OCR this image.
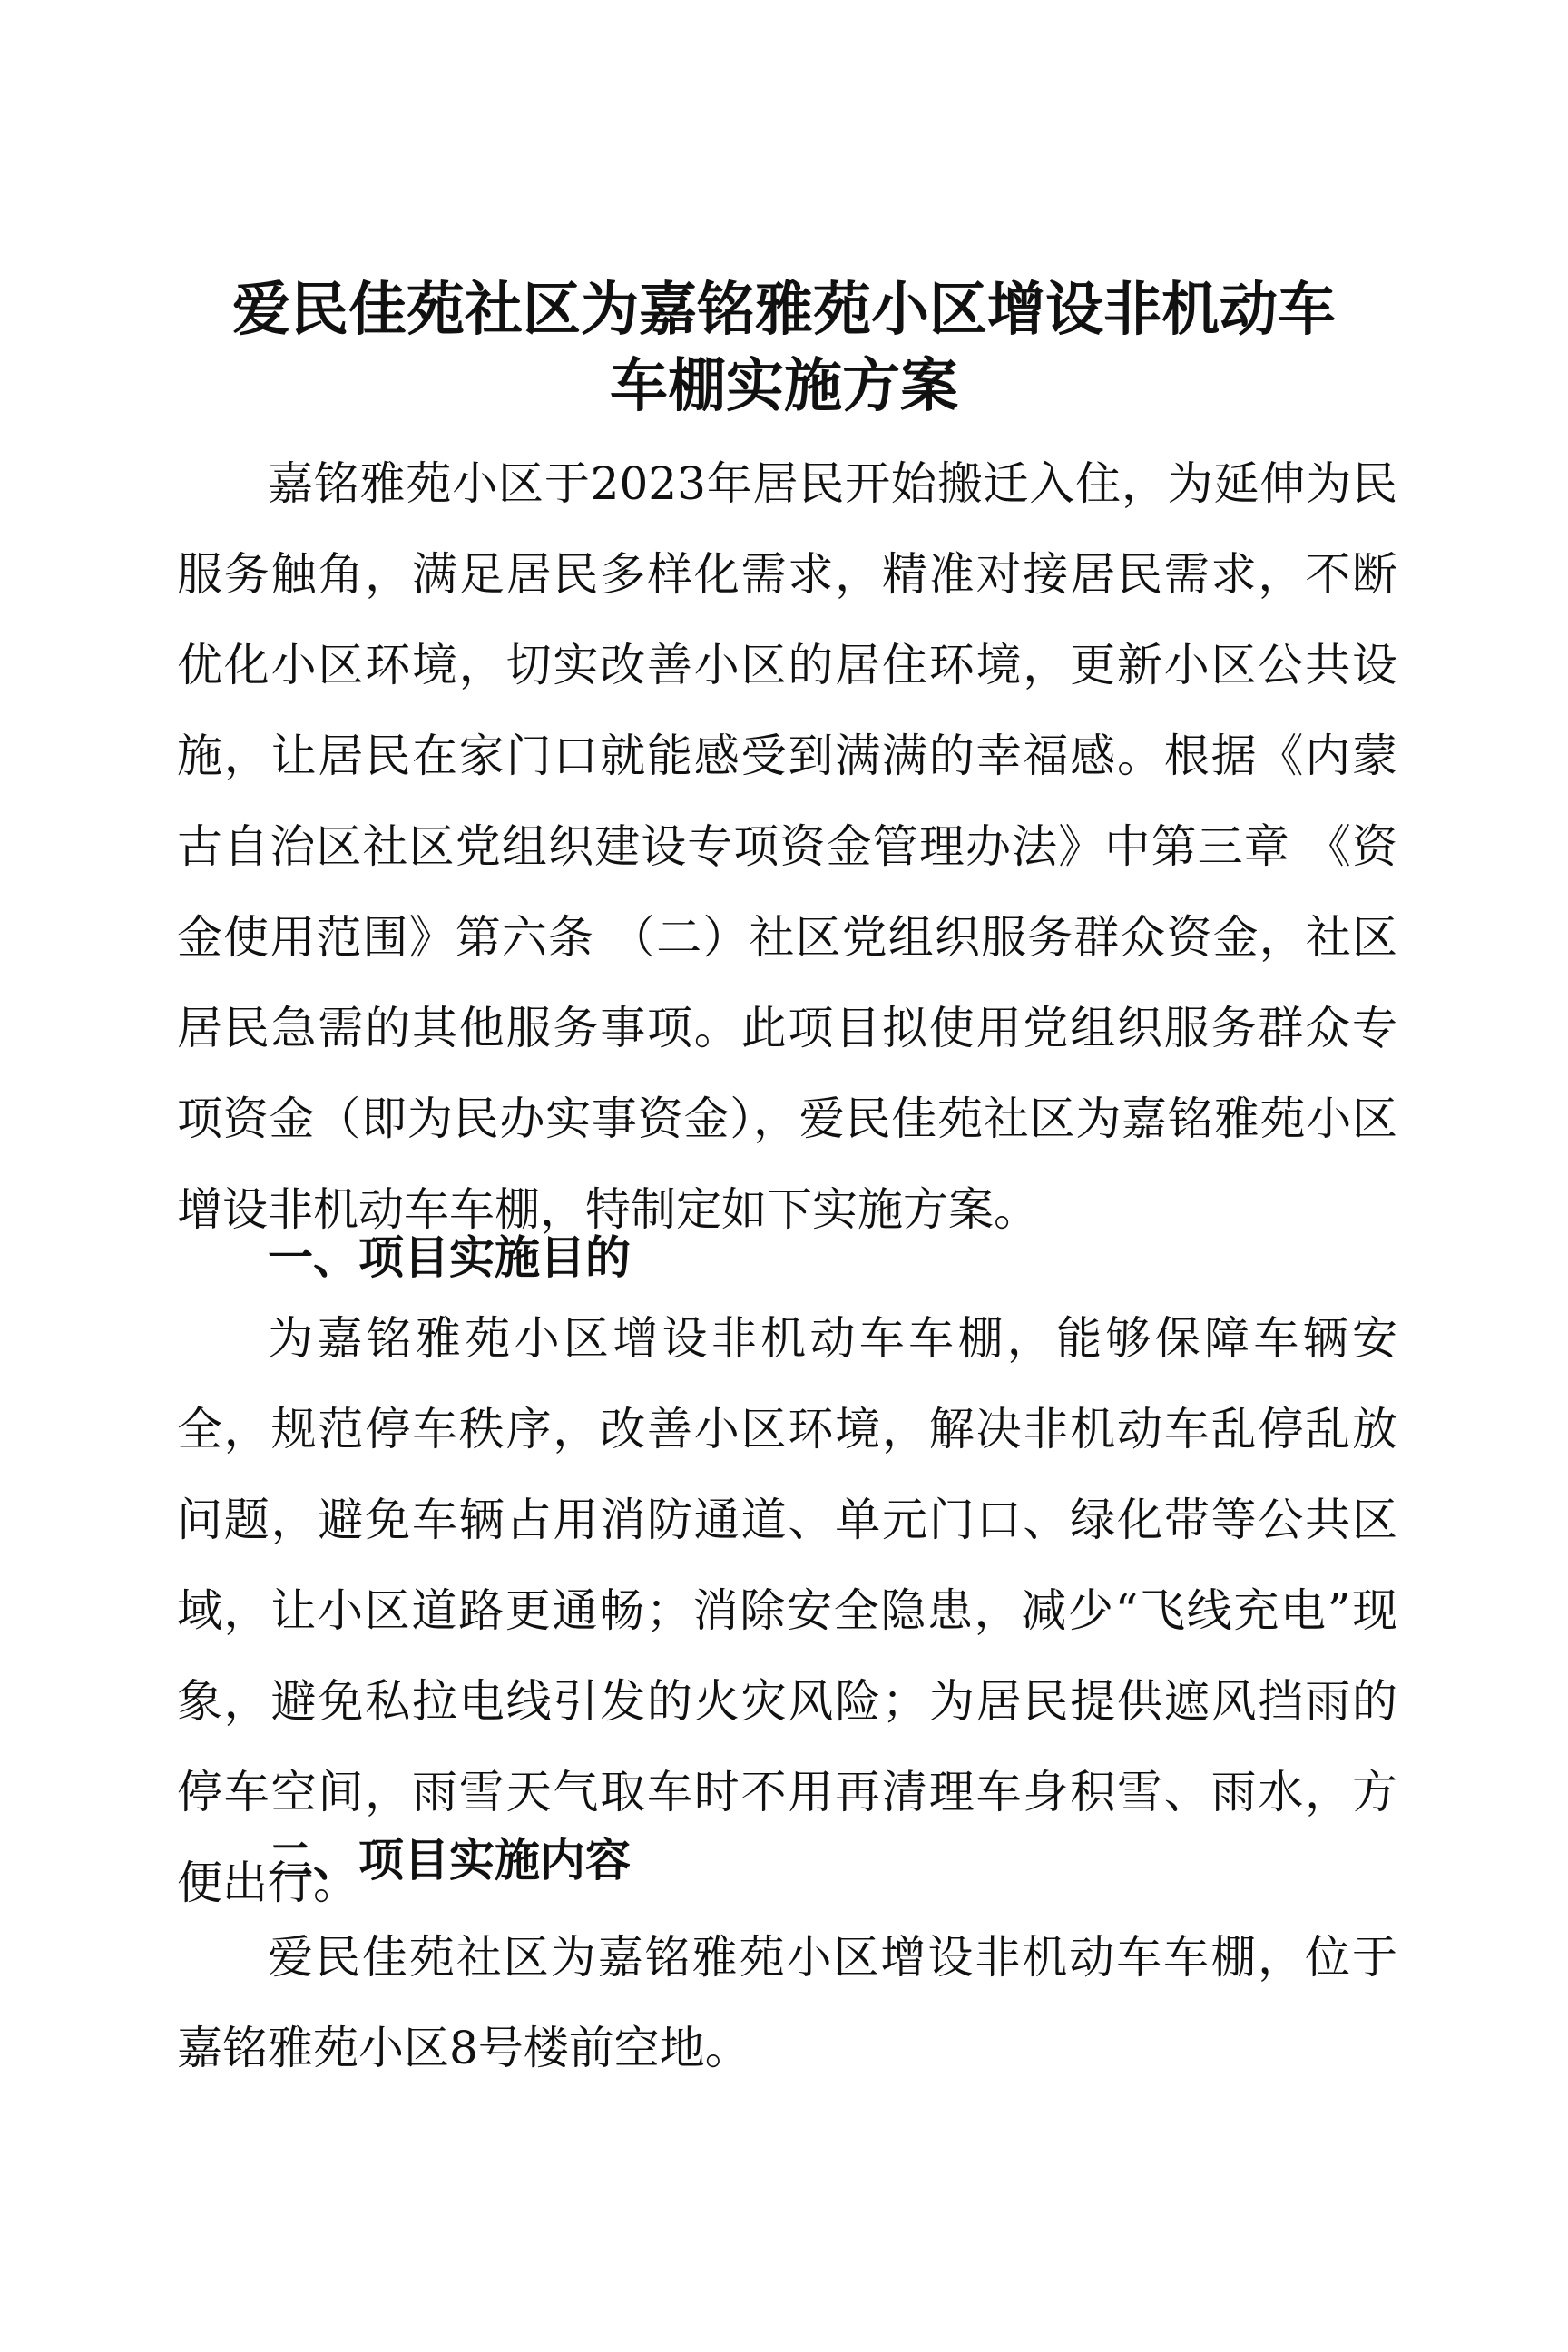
爱民佳苑社区为嘉铭雅苑小区增设非机动车
车棚实施方案

嘉铭雅苑小区于2023年居民开始搬迁入住，为延伸为民服务触角，满足居民多样化需求，精准对接居民需求，不断优化小区环境，切实改善小区的居住环境，更新小区公共设施，让居民在家门口就能感受到满满的幸福感。根据《内蒙古自治区社区党组织建设专项资金管理办法》中第三章 《资金使用范围》第六条 （二）社区党组织服务群众资金，社区居民急需的其他服务事项。此项目拟使用党组织服务群众专项资金（即为民办实事资金），爱民佳苑社区为嘉铭雅苑小区增设非机动车车棚，特制定如下实施方案。

一、项目实施目的

为嘉铭雅苑小区增设非机动车车棚，能够保障车辆安全，规范停车秩序，改善小区环境，解决非机动车乱停乱放问题，避免车辆占用消防通道、单元门口、绿化带等公共区域，让小区道路更通畅；消除安全隐患，减少“飞线充电”现象，避免私拉电线引发的火灾风险；为居民提供遮风挡雨的停车空间，雨雪天气取车时不用再清理车身积雪、雨水，方便出行。

二、项目实施内容

爱民佳苑社区为嘉铭雅苑小区增设非机动车车棚，位于嘉铭雅苑小区8号楼前空地。
